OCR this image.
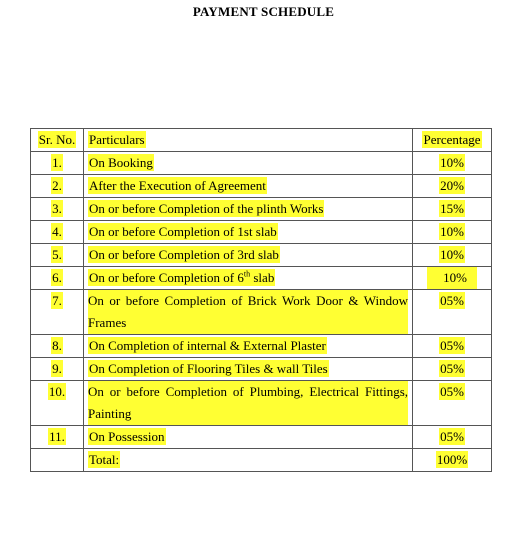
PAYMENT SCHEDULE
Sr. No.	Particulars	Percentage
1.	On Booking	10%
2.	After the Execution of Agreement	20%
3.	On or before Completion of the plinth Works	15%
4.	On or before Completion of 1st slab	10%
5.	On or before Completion of 3rd slab	10%
6.	On or before Completion of 6th slab	10%
7.	On or before Completion of Brick Work Door & Window Frames	05%
8.	On Completion of internal & External Plaster	05%
9.	On Completion of Flooring Tiles & wall Tiles	05%
10.	On or before Completion of Plumbing, Electrical Fittings, Painting	05%
11.	On Possession	05%
	Total:	100%
